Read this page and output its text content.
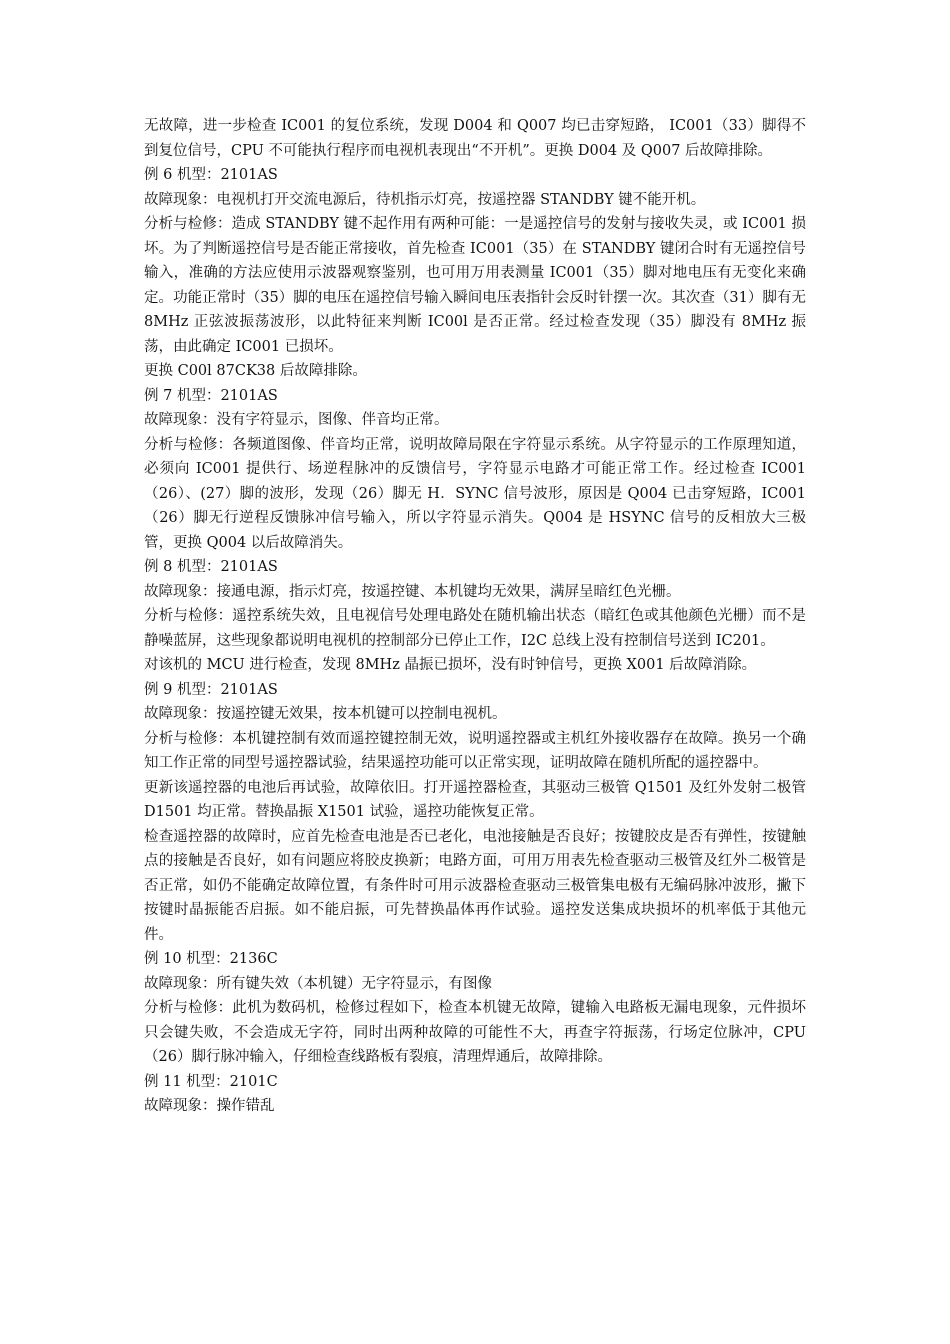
无故障，进一步检查 IC001 的复位系统，发现 D004 和 Q007 均已击穿短路， IC001（33）脚得不到复位信号，CPU 不可能执行程序而电视机表现出“不开机”。更换 D004 及 Q007 后故障排除。

例 6 机型：2101AS

故障现象：电视机打开交流电源后，待机指示灯亮，按遥控器 STANDBY 键不能开机。

分析与检修：造成 STANDBY 键不起作用有两种可能：一是遥控信号的发射与接收失灵，或 IC001 损坏。为了判断遥控信号是否能正常接收，首先检查 IC001（35）在 STANDBY 键闭合时有无遥控信号输入，准确的方法应使用示波器观察鉴别，也可用万用表测量 IC001（35）脚对地电压有无变化来确定。功能正常时（35）脚的电压在遥控信号输入瞬间电压表指针会反时针摆一次。其次查（31）脚有无 8MHz 正弦波振荡波形，以此特征来判断 IC00l 是否正常。经过检查发现（35）脚没有 8MHz 振荡，由此确定 IC001 已损坏。

更换 C00l 87CK38 后故障排除。

例 7 机型：2101AS

故障现象：没有字符显示，图像、伴音均正常。

分析与检修：各频道图像、伴音均正常，说明故障局限在字符显示系统。从字符显示的工作原理知道，必须向 IC001 提供行、场逆程脉冲的反馈信号，字符显示电路才可能正常工作。经过检查 IC001（26）、(27）脚的波形，发现（26）脚无 H．SYNC 信号波形，原因是 Q004 已击穿短路，IC001（26）脚无行逆程反馈脉冲信号输入，所以字符显示消失。Q004 是 HSYNC 信号的反相放大三极管，更换 Q004 以后故障消失。

例 8 机型：2101AS

故障现象：接通电源，指示灯亮，按遥控键、本机键均无效果，满屏呈暗红色光栅。

分析与检修：遥控系统失效，且电视信号处理电路处在随机输出状态（暗红色或其他颜色光栅）而不是静噪蓝屏，这些现象都说明电视机的控制部分已停止工作，I2C 总线上没有控制信号送到 IC201。

对该机的 MCU 进行检查，发现 8MHz 晶振已损坏，没有时钟信号，更换 X001 后故障消除。

例 9 机型：2101AS

故障现象：按遥控键无效果，按本机键可以控制电视机。

分析与检修：本机键控制有效而遥控键控制无效，说明遥控器或主机红外接收器存在故障。换另一个确知工作正常的同型号遥控器试验，结果遥控功能可以正常实现，证明故障在随机所配的遥控器中。

更新该遥控器的电池后再试验，故障依旧。打开遥控器检查，其驱动三极管 Q1501 及红外发射二极管 D1501 均正常。替换晶振 X1501 试验，遥控功能恢复正常。

检查遥控器的故障时，应首先检查电池是否已老化，电池接触是否良好；按键胶皮是否有弹性，按键触点的接触是否良好，如有问题应将胶皮换新；电路方面，可用万用表先检查驱动三极管及红外二极管是否正常，如仍不能确定故障位置，有条件时可用示波器检查驱动三极管集电极有无编码脉冲波形，撇下按键时晶振能否启振。如不能启振，可先替换晶体再作试验。遥控发送集成块损坏的机率低于其他元件。

例 10 机型：2136C

故障现象：所有键失效（本机键）无字符显示，有图像

分析与检修：此机为数码机，检修过程如下，检查本机键无故障，键输入电路板无漏电现象，元件损坏只会键失败，不会造成无字符，同时出两种故障的可能性不大，再查字符振荡，行场定位脉冲，CPU（26）脚行脉冲输入，仔细检查线路板有裂痕，清理焊通后，故障排除。

例 11 机型：2101C

故障现象：操作错乱
